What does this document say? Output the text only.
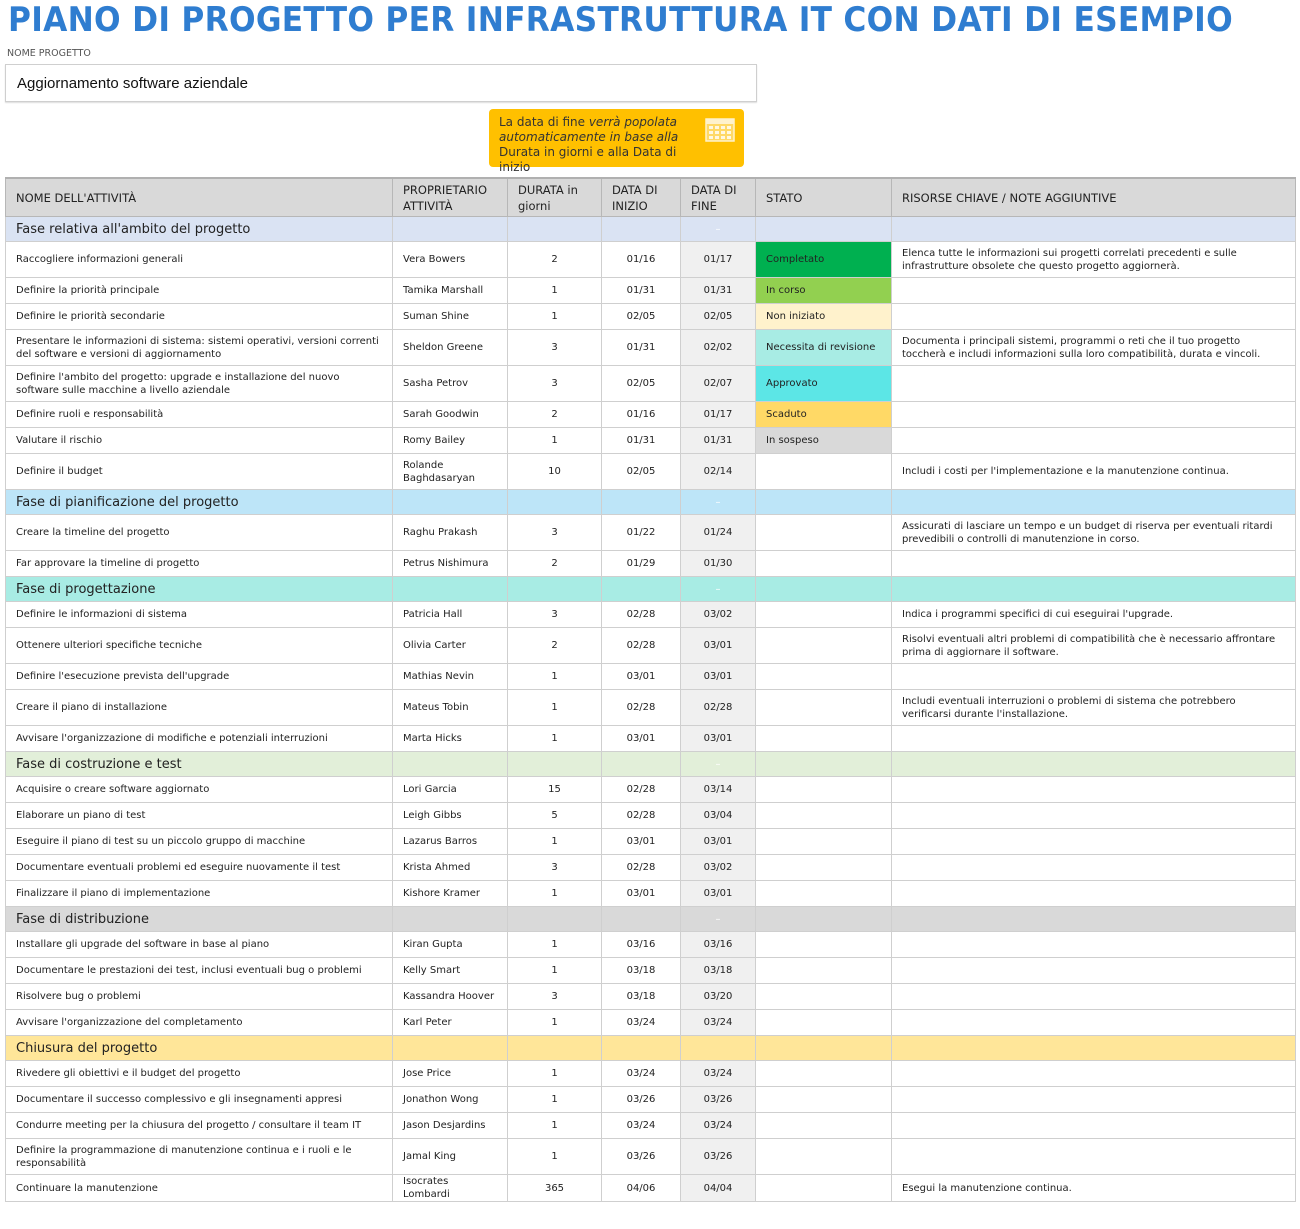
PIANO DI PROGETTO PER INFRASTRUTTURA IT CON DATI DI ESEMPIO
NOME PROGETTO
Aggiornamento software aziendale
La data di fine verrà popolata automaticamente in base alla
Durata in giorni e alla Data di inizio
NOME DELL'ATTIVITÀ	PROPRIETARIO ATTIVITÀ	DURATA in giorni	DATA DI INIZIO	DATA DI FINE	STATO	RISORSE CHIAVE / NOTE AGGIUNTIVE
Fase relativa all'ambito del progetto				–		
Raccogliere informazioni generali	Vera Bowers	2	01/16	01/17	Completato	Elenca tutte le informazioni sui progetti correlati precedenti e sulle infrastrutture obsolete che questo progetto aggiornerà.
Definire la priorità principale	Tamika Marshall	1	01/31	01/31	In corso	
Definire le priorità secondarie	Suman Shine	1	02/05	02/05	Non iniziato	
Presentare le informazioni di sistema: sistemi operativi, versioni correnti del software e versioni di aggiornamento	Sheldon Greene	3	01/31	02/02	Necessita di revisione	Documenta i principali sistemi, programmi o reti che il tuo progetto toccherà e includi informazioni sulla loro compatibilità, durata e vincoli.
Definire l'ambito del progetto: upgrade e installazione del nuovo software sulle macchine a livello aziendale	Sasha Petrov	3	02/05	02/07	Approvato	
Definire ruoli e responsabilità	Sarah Goodwin	2	01/16	01/17	Scaduto	
Valutare il rischio	Romy Bailey	1	01/31	01/31	In sospeso	
Definire il budget	Rolande Baghdasaryan	10	02/05	02/14		Includi i costi per l'implementazione e la manutenzione continua.
Fase di pianificazione del progetto				–		
Creare la timeline del progetto	Raghu Prakash	3	01/22	01/24		Assicurati di lasciare un tempo e un budget di riserva per eventuali ritardi prevedibili o controlli di manutenzione in corso.
Far approvare la timeline di progetto	Petrus Nishimura	2	01/29	01/30		
Fase di progettazione				–		
Definire le informazioni di sistema	Patricia Hall	3	02/28	03/02		Indica i programmi specifici di cui eseguirai l'upgrade.
Ottenere ulteriori specifiche tecniche	Olivia Carter	2	02/28	03/01		Risolvi eventuali altri problemi di compatibilità che è necessario affrontare prima di aggiornare il software.
Definire l'esecuzione prevista dell'upgrade	Mathias Nevin	1	03/01	03/01		
Creare il piano di installazione	Mateus Tobin	1	02/28	02/28		Includi eventuali interruzioni o problemi di sistema che potrebbero verificarsi durante l'installazione.
Avvisare l'organizzazione di modifiche e potenziali interruzioni	Marta Hicks	1	03/01	03/01		
Fase di costruzione e test				–		
Acquisire o creare software aggiornato	Lori Garcia	15	02/28	03/14		
Elaborare un piano di test	Leigh Gibbs	5	02/28	03/04		
Eseguire il piano di test su un piccolo gruppo di macchine	Lazarus Barros	1	03/01	03/01		
Documentare eventuali problemi ed eseguire nuovamente il test	Krista Ahmed	3	02/28	03/02		
Finalizzare il piano di implementazione	Kishore Kramer	1	03/01	03/01		
Fase di distribuzione				–		
Installare gli upgrade del software in base al piano	Kiran Gupta	1	03/16	03/16		
Documentare le prestazioni dei test, inclusi eventuali bug o problemi	Kelly Smart	1	03/18	03/18		
Risolvere bug o problemi	Kassandra Hoover	3	03/18	03/20		
Avvisare l'organizzazione del completamento	Karl Peter	1	03/24	03/24		
Chiusura del progetto						
Rivedere gli obiettivi e il budget del progetto	Jose Price	1	03/24	03/24		
Documentare il successo complessivo e gli insegnamenti appresi	Jonathon Wong	1	03/26	03/26		
Condurre meeting per la chiusura del progetto / consultare il team IT	Jason Desjardins	1	03/24	03/24		
Definire la programmazione di manutenzione continua e i ruoli e le responsabilità	Jamal King	1	03/26	03/26		
Continuare la manutenzione	Isocrates Lombardi	365	04/06	04/04		Esegui la manutenzione continua.
